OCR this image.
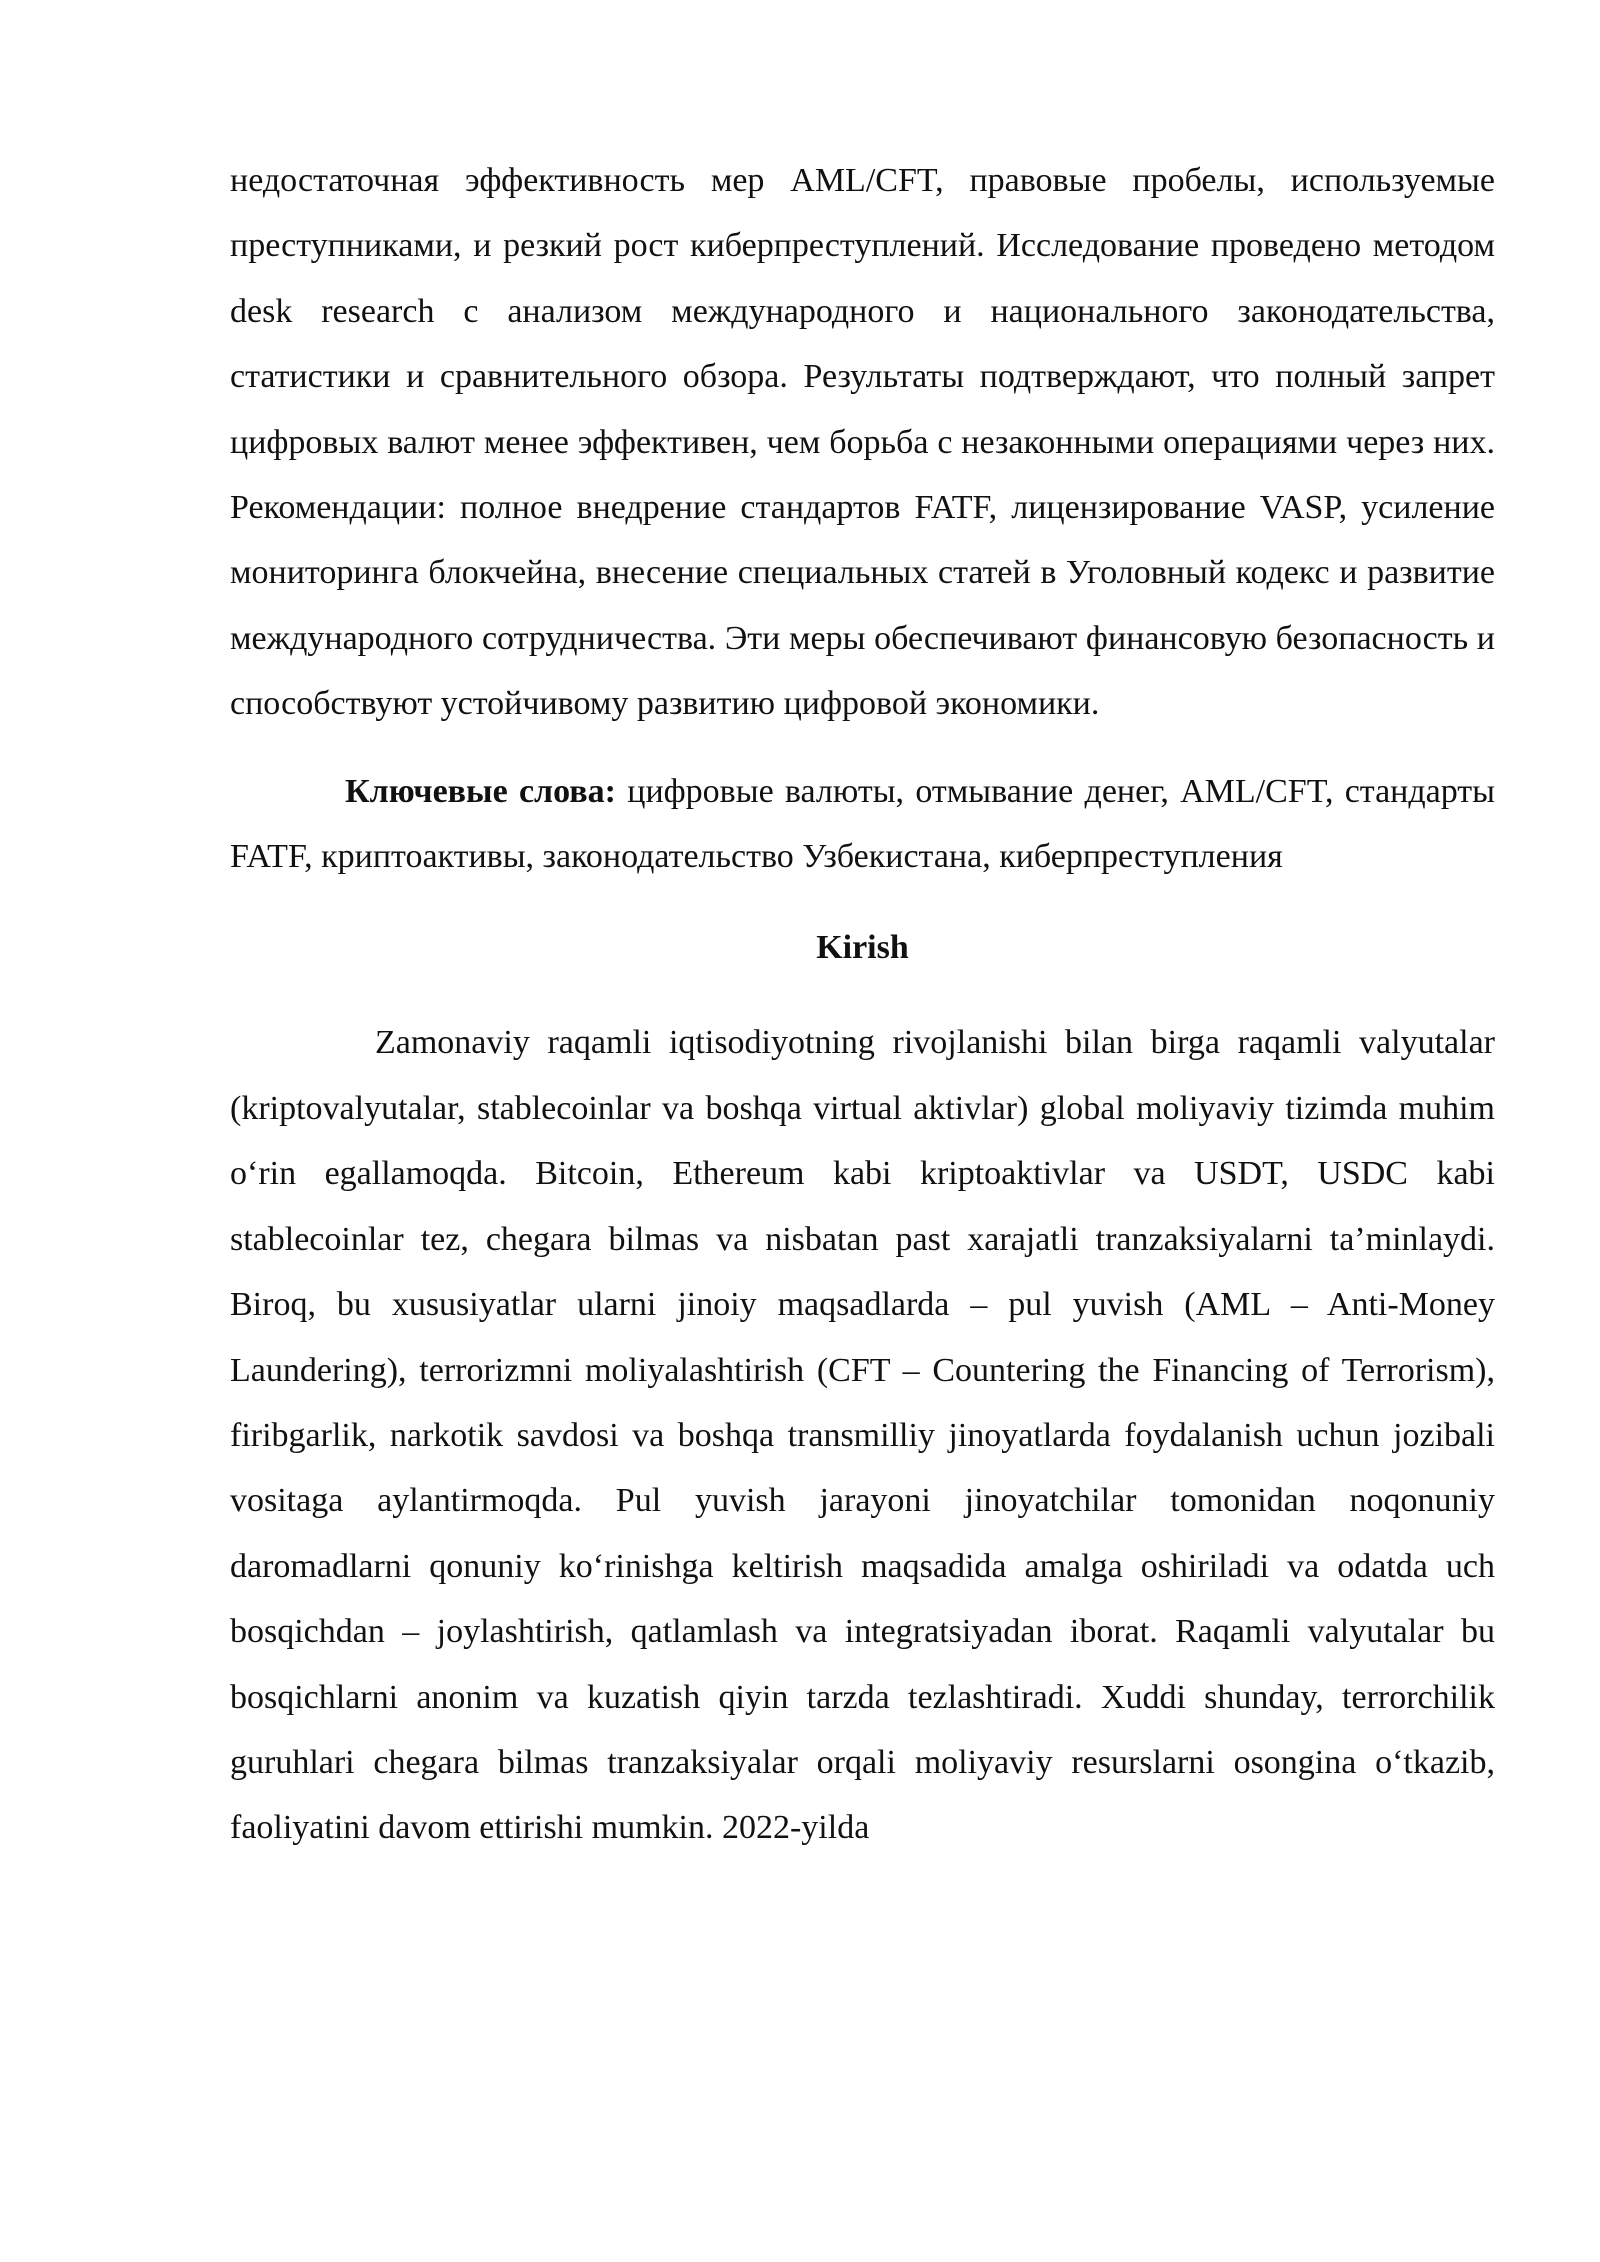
недостаточная эффективность мер AML/CFT, правовые пробелы, используемые преступниками, и резкий рост киберпреступлений. Исследование проведено методом desk research с анализом международного и национального законодательства, статистики и сравнительного обзора. Результаты подтверждают, что полный запрет цифровых валют менее эффективен, чем борьба с незаконными операциями через них. Рекомендации: полное внедрение стандартов FATF, лицензирование VASP, усиление мониторинга блокчейна, внесение специальных статей в Уголовный кодекс и развитие международного сотрудничества. Эти меры обеспечивают финансовую безопасность и способствуют устойчивому развитию цифровой экономики.

Ключевые слова: цифровые валюты, отмывание денег, AML/CFT, стандарты FATF, криптоактивы, законодательство Узбекистана, киберпреступления

Kirish

Zamonaviy raqamli iqtisodiyotning rivojlanishi bilan birga raqamli valyutalar (kriptovalyutalar, stablecoinlar va boshqa virtual aktivlar) global moliyaviy tizimda muhim o‘rin egallamoqda. Bitcoin, Ethereum kabi kriptoaktivlar va USDT, USDC kabi stablecoinlar tez, chegara bilmas va nisbatan past xarajatli tranzaksiyalarni ta’minlaydi. Biroq, bu xususiyatlar ularni jinoiy maqsadlarda – pul yuvish (AML – Anti-Money Laundering), terrorizmni moliyalashtirish (CFT – Countering the Financing of Terrorism), firibgarlik, narkotik savdosi va boshqa transmilliy jinoyatlarda foydalanish uchun jozibali vositaga aylantirmoqda. Pul yuvish jarayoni jinoyatchilar tomonidan noqonuniy daromadlarni qonuniy ko‘rinishga keltirish maqsadida amalga oshiriladi va odatda uch bosqichdan – joylashtirish, qatlamlash va integratsiyadan iborat. Raqamli valyutalar bu bosqichlarni anonim va kuzatish qiyin tarzda tezlashtiradi. Xuddi shunday, terrorchilik guruhlari chegara bilmas tranzaksiyalar orqali moliyaviy resurslarni osongina o‘tkazib, faoliyatini davom ettirishi mumkin. 2022-yilda
